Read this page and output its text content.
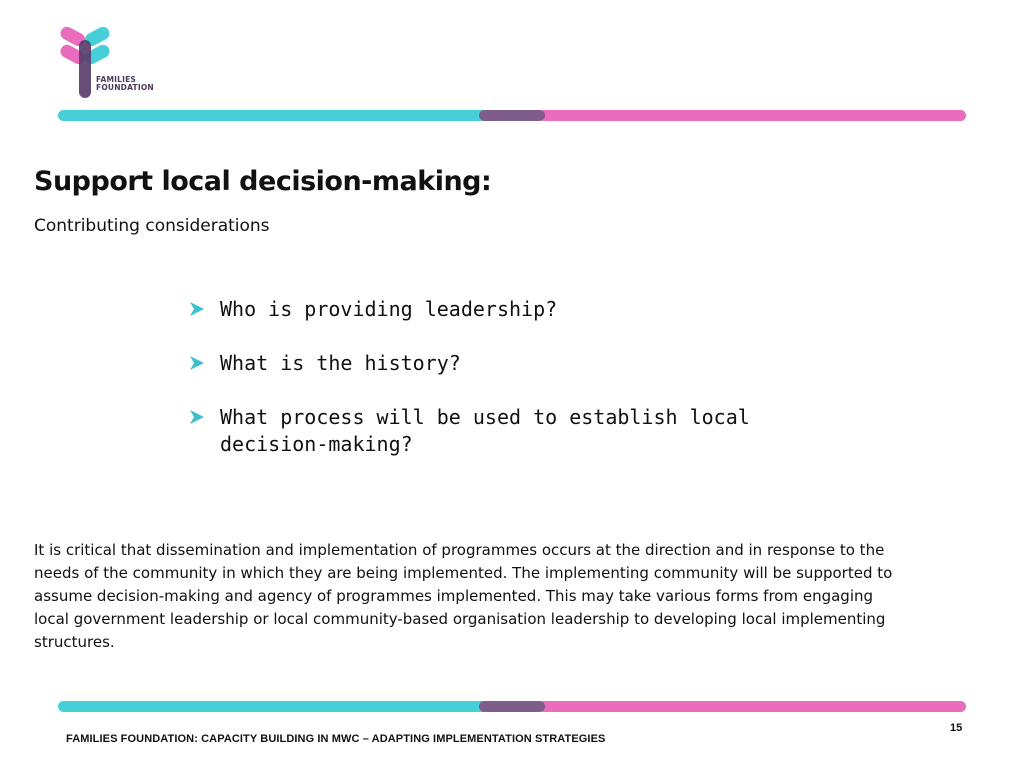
FAMILIES
FOUNDATION
Support local decision-making:
Contributing considerations
Who is providing leadership?
What is the history?
What process will be used to establish local decision-making?

It is critical that dissemination and implementation of programmes occurs at the direction and in response to the needs of the community in which they are being implemented. The implementing community will be supported to assume decision-making and agency of programmes implemented. This may take various forms from engaging local government leadership or local community-based organisation leadership to developing local implementing structures.

15
FAMILIES FOUNDATION: CAPACITY BUILDING IN MWC – ADAPTING IMPLEMENTATION STRATEGIES
